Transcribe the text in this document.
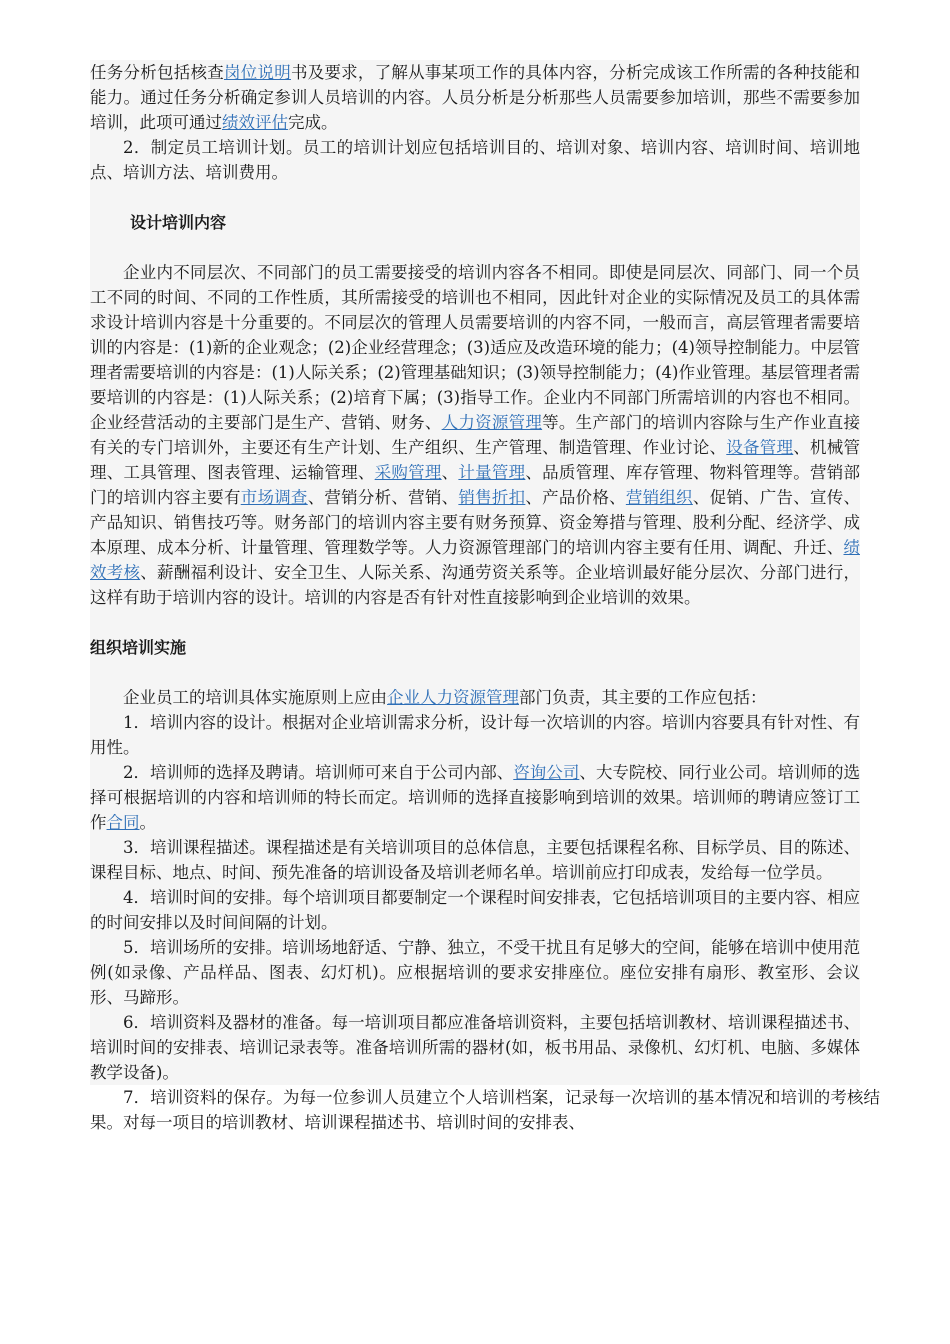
任务分析包括核查岗位说明书及要求，了解从事某项工作的具体内容，分析完成该工作所需的各种技能和能力。通过任务分析确定参训人员培训的内容。人员分析是分析那些人员需要参加培训，那些不需要参加培训，此项可通过绩效评估完成。

2．制定员工培训计划。员工的培训计划应包括培训目的、培训对象、培训内容、培训时间、培训地点、培训方法、培训费用。

设计培训内容

企业内不同层次、不同部门的员工需要接受的培训内容各不相同。即使是同层次、同部门、同一个员工不同的时间、不同的工作性质，其所需接受的培训也不相同，因此针对企业的实际情况及员工的具体需求设计培训内容是十分重要的。不同层次的管理人员需要培训的内容不同，一般而言，高层管理者需要培训的内容是：(1)新的企业观念；(2)企业经营理念；(3)适应及改造环境的能力；(4)领导控制能力。中层管理者需要培训的内容是：(1)人际关系；(2)管理基础知识；(3)领导控制能力；(4)作业管理。基层管理者需要培训的内容是：(1)人际关系；(2)培育下属；(3)指导工作。企业内不同部门所需培训的内容也不相同。企业经营活动的主要部门是生产、营销、财务、人力资源管理等。生产部门的培训内容除与生产作业直接有关的专门培训外，主要还有生产计划、生产组织、生产管理、制造管理、作业讨论、设备管理、机械管理、工具管理、图表管理、运输管理、采购管理、计量管理、品质管理、库存管理、物料管理等。营销部门的培训内容主要有市场调查、营销分析、营销、销售折扣、产品价格、营销组织、促销、广告、宣传、产品知识、销售技巧等。财务部门的培训内容主要有财务预算、资金筹措与管理、股利分配、经济学、成本原理、成本分析、计量管理、管理数学等。人力资源管理部门的培训内容主要有任用、调配、升迁、绩效考核、薪酬福利设计、安全卫生、人际关系、沟通劳资关系等。企业培训最好能分层次、分部门进行，这样有助于培训内容的设计。培训的内容是否有针对性直接影响到企业培训的效果。

组织培训实施

企业员工的培训具体实施原则上应由企业人力资源管理部门负责，其主要的工作应包括：

1．培训内容的设计。根据对企业培训需求分析，设计每一次培训的内容。培训内容要具有针对性、有用性。

2．培训师的选择及聘请。培训师可来自于公司内部、咨询公司、大专院校、同行业公司。培训师的选择可根据培训的内容和培训师的特长而定。培训师的选择直接影响到培训的效果。培训师的聘请应签订工作合同。

3．培训课程描述。课程描述是有关培训项目的总体信息，主要包括课程名称、目标学员、目的陈述、课程目标、地点、时间、预先准备的培训设备及培训老师名单。培训前应打印成表，发给每一位学员。

4．培训时间的安排。每个培训项目都要制定一个课程时间安排表，它包括培训项目的主要内容、相应的时间安排以及时间间隔的计划。

5．培训场所的安排。培训场地舒适、宁静、独立，不受干扰且有足够大的空间，能够在培训中使用范例(如录像、产品样品、图表、幻灯机)。应根据培训的要求安排座位。座位安排有扇形、教室形、会议形、马蹄形。

6．培训资料及器材的准备。每一培训项目都应准备培训资料，主要包括培训教材、培训课程描述书、培训时间的安排表、培训记录表等。准备培训所需的器材(如，板书用品、录像机、幻灯机、电脑、多媒体教学设备)。

7．培训资料的保存。为每一位参训人员建立个人培训档案，记录每一次培训的基本情况和培训的考核结果。对每一项目的培训教材、培训课程描述书、培训时间的安排表、
